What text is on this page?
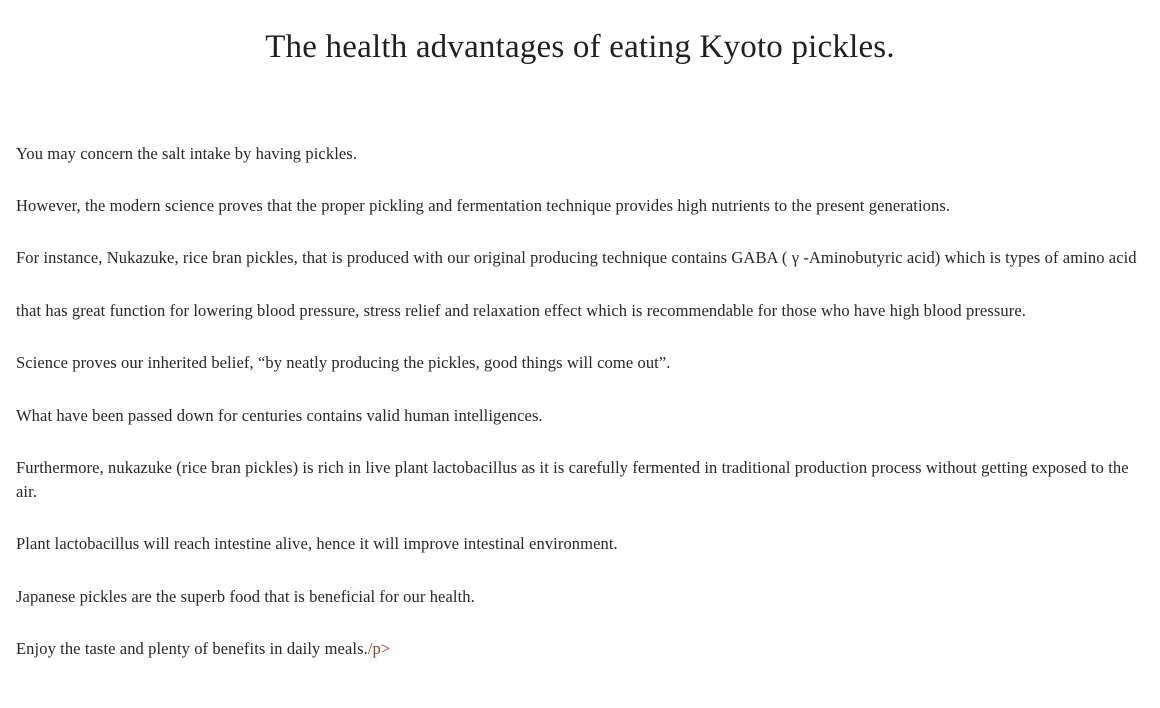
The health advantages of eating Kyoto pickles.

You may concern the salt intake by having pickles.

However, the modern science proves that the proper pickling and fermentation technique provides high nutrients to the present generations.

For instance, Nukazuke, rice bran pickles, that is produced with our original producing technique contains GABA ( γ -Aminobutyric acid) which is types of amino acid

that has great function for lowering blood pressure, stress relief and relaxation effect which is recommendable for those who have high blood pressure.

Science proves our inherited belief, “by neatly producing the pickles, good things will come out”.

What have been passed down for centuries contains valid human intelligences.

Furthermore, nukazuke (rice bran pickles) is rich in live plant lactobacillus as it is carefully fermented in traditional production process without getting exposed to the air.

Plant lactobacillus will reach intestine alive, hence it will improve intestinal environment.

Japanese pickles are the superb food that is beneficial for our health.

Enjoy the taste and plenty of benefits in daily meals./p>
